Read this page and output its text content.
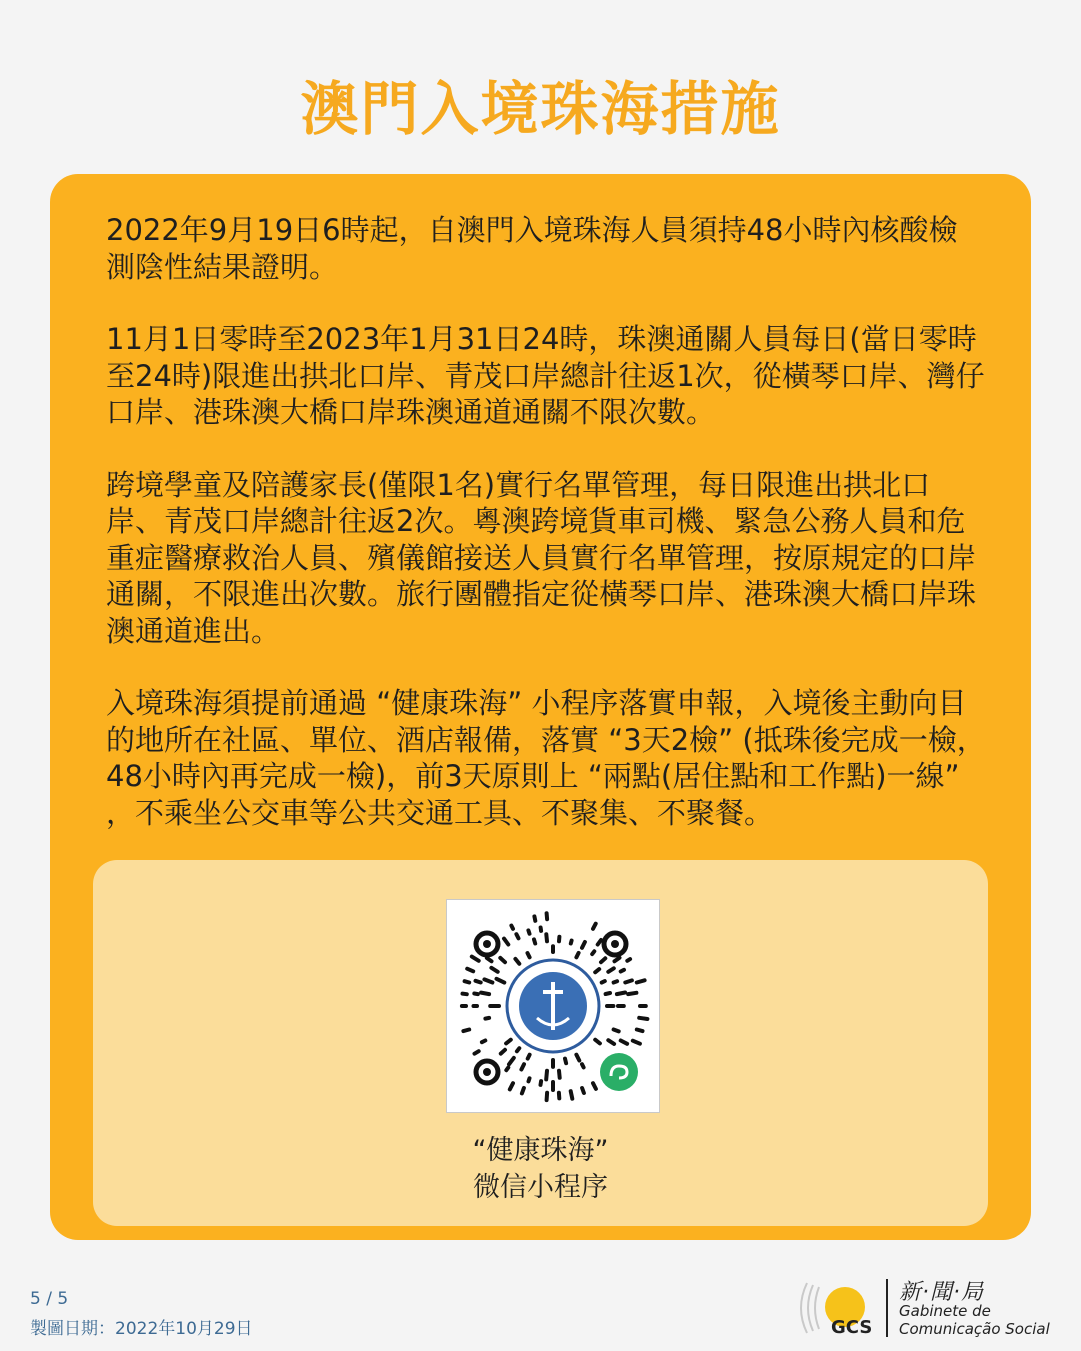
澳門入境珠海措施

2022年9月19日6時起，自澳門入境珠海人員須持48小時內核酸檢測陰性結果證明。

11月1日零時至2023年1月31日24時，珠澳通關人員每日(當日零時至24時)限進出拱北口岸、青茂口岸總計往返1次，從橫琴口岸、灣仔口岸、港珠澳大橋口岸珠澳通道通關不限次數。

跨境學童及陪護家長(僅限1名)實行名單管理，每日限進出拱北口岸、青茂口岸總計往返2次。粵澳跨境貨車司機、緊急公務人員和危重症醫療救治人員、殯儀館接送人員實行名單管理，按原規定的口岸通關，不限進出次數。旅行團體指定從橫琴口岸、港珠澳大橋口岸珠澳通道進出。

入境珠海須提前通過 “健康珠海” 小程序落實申報，入境後主動向目的地所在社區、單位、酒店報備，落實 “3天2檢” (抵珠後完成一檢，48小時內再完成一檢)，前3天原則上 “兩點(居住點和工作點)一線” ，不乘坐公交車等公共交通工具、不聚集、不聚餐。

“健康珠海”
微信小程序
5 / 5
製圖日期：2022年10月29日	GCS
新·聞·局
Gabinete de
Comunicação Social
